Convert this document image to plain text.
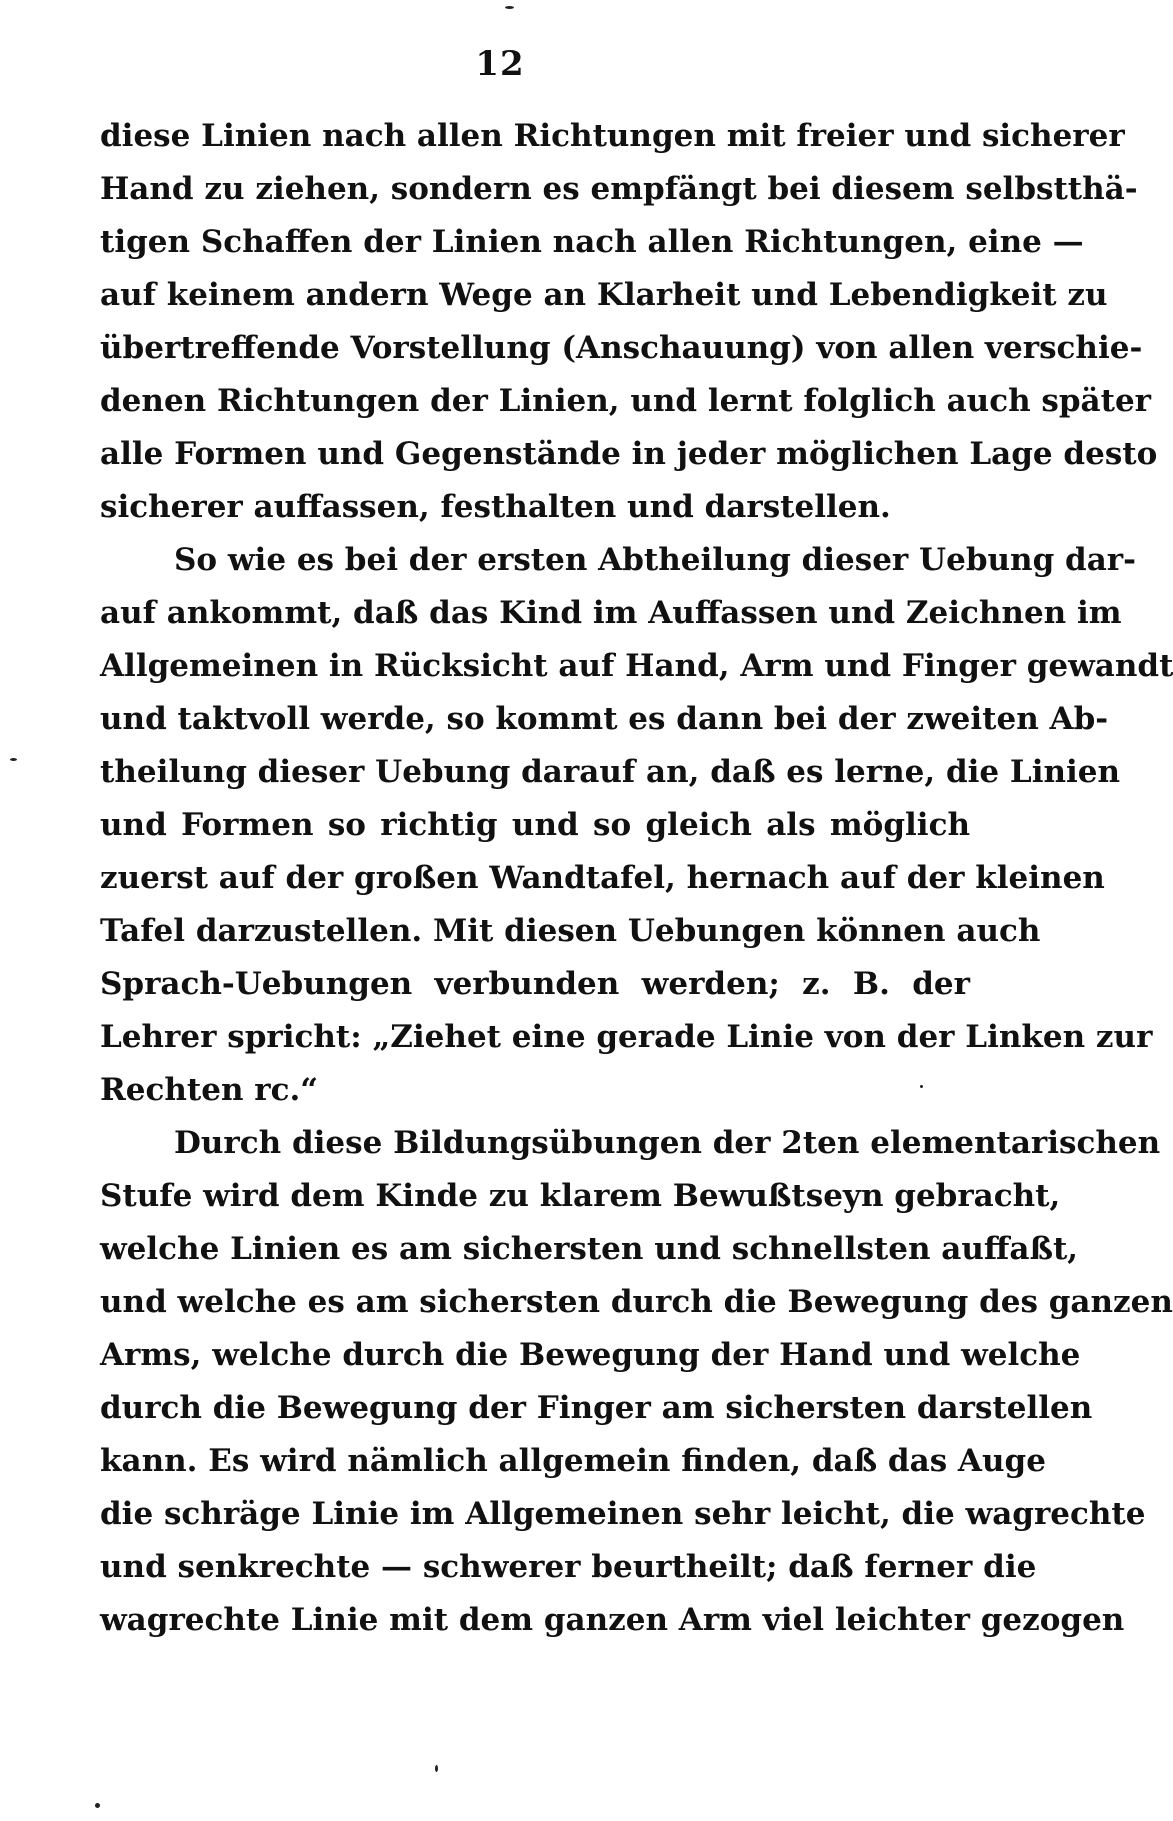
12
diese Linien nach allen Richtungen mit freier und sicherer
Hand zu ziehen, sondern es empfängt bei diesem selbstthä-
tigen Schaffen der Linien nach allen Richtungen, eine —
auf keinem andern Wege an Klarheit und Lebendigkeit zu
übertreffende Vorstellung (Anschauung) von allen verschie-
denen Richtungen der Linien, und lernt folglich auch später
alle Formen und Gegenstände in jeder möglichen Lage desto
sicherer auffassen, festhalten und darstellen.
So wie es bei der ersten Abtheilung dieser Uebung dar-
auf ankommt, daß das Kind im Auffassen und Zeichnen im
Allgemeinen in Rücksicht auf Hand, Arm und Finger gewandt
und taktvoll werde, so kommt es dann bei der zweiten Ab-
theilung dieser Uebung darauf an, daß es lerne, die Linien
und Formen so richtig und so gleich als möglich
zuerst auf der großen Wandtafel, hernach auf der kleinen
Tafel darzustellen. Mit diesen Uebungen können auch
Sprach-Uebungen verbunden werden; z. B. der
Lehrer spricht: „Ziehet eine gerade Linie von der Linken zur
Rechten rc.“
Durch diese Bildungsübungen der 2ten elementarischen
Stufe wird dem Kinde zu klarem Bewußtseyn gebracht,
welche Linien es am sichersten und schnellsten auffaßt,
und welche es am sichersten durch die Bewegung des ganzen
Arms, welche durch die Bewegung der Hand und welche
durch die Bewegung der Finger am sichersten darstellen
kann. Es wird nämlich allgemein finden, daß das Auge
die schräge Linie im Allgemeinen sehr leicht, die wagrechte
und senkrechte — schwerer beurtheilt; daß ferner die
wagrechte Linie mit dem ganzen Arm viel leichter gezogen
